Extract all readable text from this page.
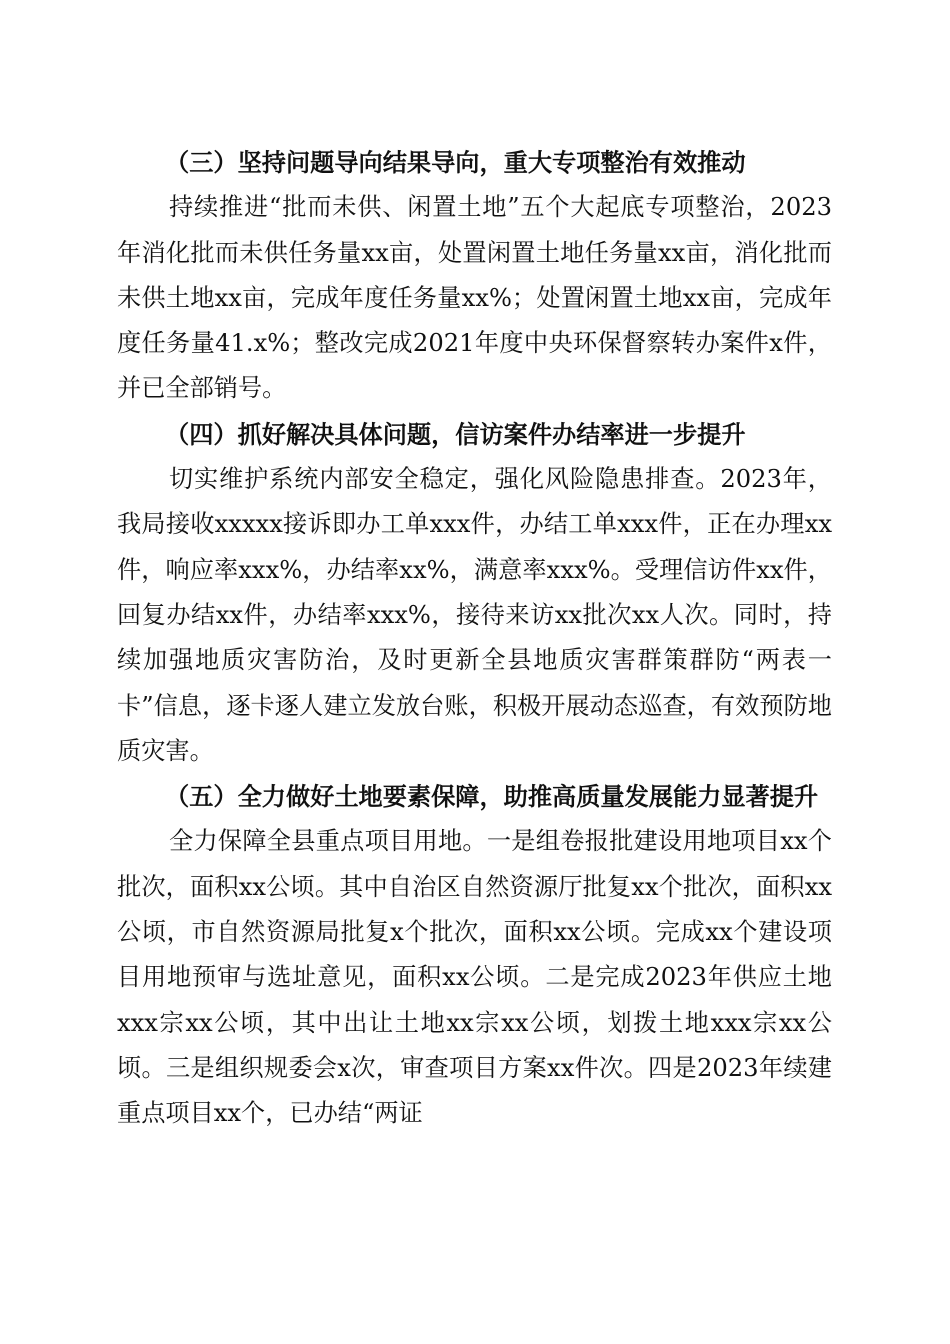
（三）坚持问题导向结果导向，重大专项整治有效推动

持续推进“批而未供、闲置土地”五个大起底专项整治，2023年消化批而未供任务量xx亩，处置闲置土地任务量xx亩，消化批而未供土地xx亩，完成年度任务量xx%；处置闲置土地xx亩，完成年度任务量41.x%；整改完成2021年度中央环保督察转办案件x件，并已全部销号。

（四）抓好解决具体问题，信访案件办结率进一步提升

切实维护系统内部安全稳定，强化风险隐患排查。2023年，我局接收xxxxx接诉即办工单xxx件，办结工单xxx件，正在办理xx件，响应率xxx%，办结率xx%，满意率xxx%。受理信访件xx件，回复办结xx件，办结率xxx%，接待来访xx批次xx人次。同时，持续加强地质灾害防治，及时更新全县地质灾害群策群防“两表一卡”信息，逐卡逐人建立发放台账，积极开展动态巡查，有效预防地质灾害。

（五）全力做好土地要素保障，助推高质量发展能力显著提升

全力保障全县重点项目用地。一是组卷报批建设用地项目xx个批次，面积xx公顷。其中自治区自然资源厅批复xx个批次，面积xx公顷，市自然资源局批复x个批次，面积xx公顷。完成xx个建设项目用地预审与选址意见，面积xx公顷。二是完成2023年供应土地xxx宗xx公顷，其中出让土地xx宗xx公顷，划拨土地xxx宗xx公顷。三是组织规委会x次，审查项目方案xx件次。四是2023年续建重点项目xx个，已办结“两证
